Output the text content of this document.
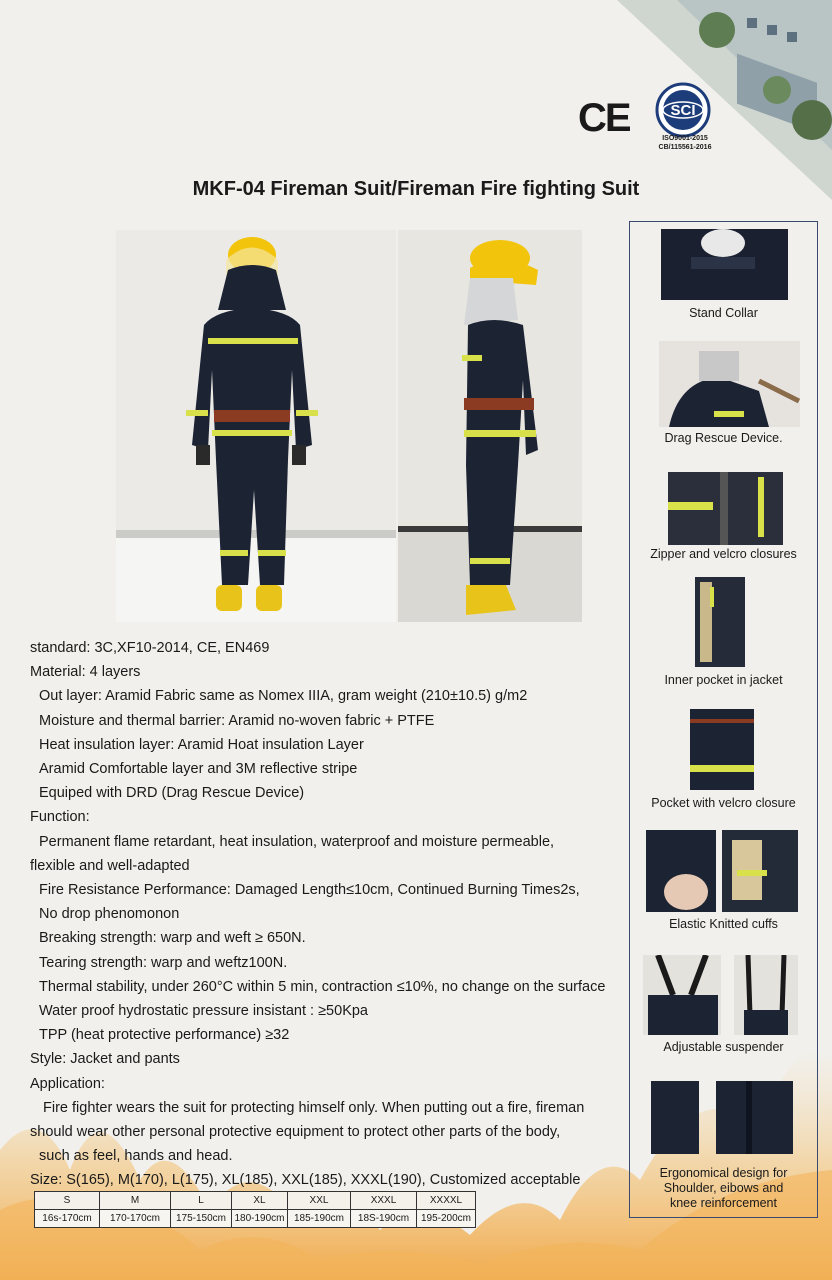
CE	SCI
ISO9001-2015
CB/115561-2016
MKF-04 Fireman Suit/Fireman Fire fighting Suit
standard: 3C,XF10-2014, CE, EN469
Material: 4 layers
Out layer: Aramid Fabric same as Nomex IIIA, gram weight (210±10.5) g/m2
Moisture and thermal barrier: Aramid no-woven fabric + PTFE
Heat insulation layer: Aramid Hoat insulation Layer
Aramid Comfortable layer and 3M reflective stripe
Equiped with DRD (Drag Rescue Device)
Function:
Permanent flame retardant, heat insulation, waterproof and moisture permeable,
flexible and well-adapted
Fire Resistance Performance: Damaged Length≤10cm, Continued Burning Times2s,
No drop phenomonon
Breaking strength: warp and weft ≥ 650N.
Tearing strength: warp and weftz100N.
Thermal stability, under 260°C within 5 min, contraction ≤10%, no change on the surface
Water proof hydrostatic pressure insistant : ≥50Kpa
TPP (heat protective performance) ≥32
Style: Jacket and pants
Application:
Fire fighter wears the suit for protecting himself only. When putting out a fire, fireman
should wear other personal protective equipment to protect other parts of the body,
such as feel, hands and head.
Size: S(165), M(170), L(175), XL(185), XXL(185), XXXL(190), Customized acceptable
S	M	L	XL	XXL	XXXL	XXXXL
16s-170cm	170-170cm	175-150cm	180-190cm	185-190cm	18S-190cm	195-200cm
Stand Collar
Drag Rescue Device.
Zipper and velcro closures
Inner pocket in jacket
Pocket with velcro closure
Elastic Knitted cuffs
Adjustable suspender
Ergonomical design for Shoulder, eibows and knee reinforcement
